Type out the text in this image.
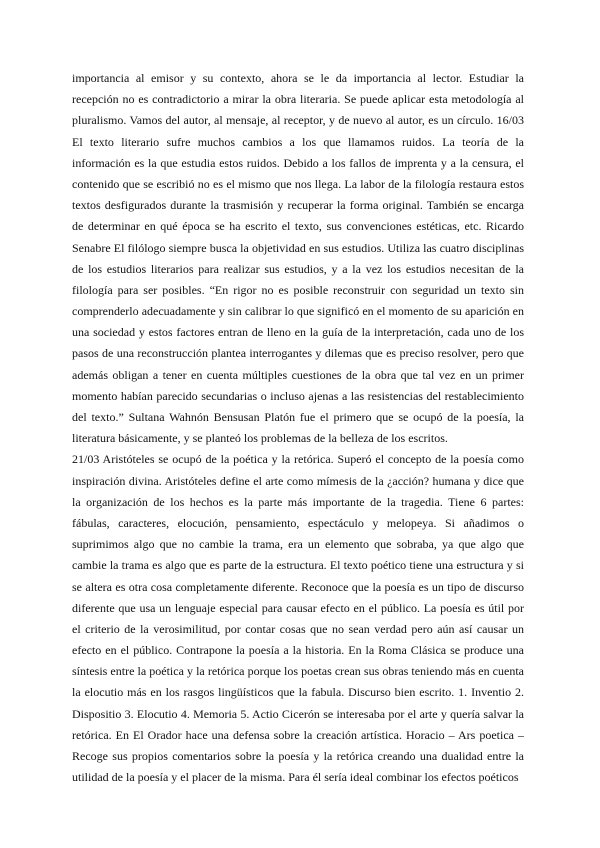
importancia al emisor y su contexto, ahora se le da importancia al lector. Estudiar la
recepción no es contradictorio a mirar la obra literaria. Se puede aplicar esta metodología al
pluralismo. Vamos del autor, al mensaje, al receptor, y de nuevo al autor, es un círculo. 16/03
El texto literario sufre muchos cambios a los que llamamos ruidos. La teoría de la
información es la que estudia estos ruidos. Debido a los fallos de imprenta y a la censura, el
contenido que se escribió no es el mismo que nos llega. La labor de la filología restaura estos
textos desfigurados durante la trasmisión y recuperar la forma original. También se encarga
de determinar en qué época se ha escrito el texto, sus convenciones estéticas, etc. Ricardo
Senabre El filólogo siempre busca la objetividad en sus estudios. Utiliza las cuatro disciplinas
de los estudios literarios para realizar sus estudios, y a la vez los estudios necesitan de la
filología para ser posibles. “En rigor no es posible reconstruir con seguridad un texto sin
comprenderlo adecuadamente y sin calibrar lo que significó en el momento de su aparición en
una sociedad y estos factores entran de lleno en la guía de la interpretación, cada uno de los
pasos de una reconstrucción plantea interrogantes y dilemas que es preciso resolver, pero que
además obligan a tener en cuenta múltiples cuestiones de la obra que tal vez en un primer
momento habían parecido secundarias o incluso ajenas a las resistencias del restablecimiento
del texto.” Sultana Wahnón Bensusan Platón fue el primero que se ocupó de la poesía, la
literatura básicamente, y se planteó los problemas de la belleza de los escritos.
21/03 Aristóteles se ocupó de la poética y la retórica. Superó el concepto de la poesía como
inspiración divina. Aristóteles define el arte como mímesis de la ¿acción? humana y dice que
la organización de los hechos es la parte más importante de la tragedia. Tiene 6 partes:
fábulas, caracteres, elocución, pensamiento, espectáculo y melopeya. Si añadimos o
suprimimos algo que no cambie la trama, era un elemento que sobraba, ya que algo que
cambie la trama es algo que es parte de la estructura. El texto poético tiene una estructura y si
se altera es otra cosa completamente diferente. Reconoce que la poesía es un tipo de discurso
diferente que usa un lenguaje especial para causar efecto en el público. La poesía es útil por
el criterio de la verosimilitud, por contar cosas que no sean verdad pero aún así causar un
efecto en el público. Contrapone la poesía a la historia. En la Roma Clásica se produce una
síntesis entre la poética y la retórica porque los poetas crean sus obras teniendo más en cuenta
la elocutio más en los rasgos lingüísticos que la fabula. Discurso bien escrito. 1. Inventio 2.
Dispositio 3. Elocutio 4. Memoria 5. Actio Cicerón se interesaba por el arte y quería salvar la
retórica. En El Orador hace una defensa sobre la creación artística. Horacio – Ars poetica –
Recoge sus propios comentarios sobre la poesía y la retórica creando una dualidad entre la
utilidad de la poesía y el placer de la misma. Para él sería ideal combinar los efectos poéticos
